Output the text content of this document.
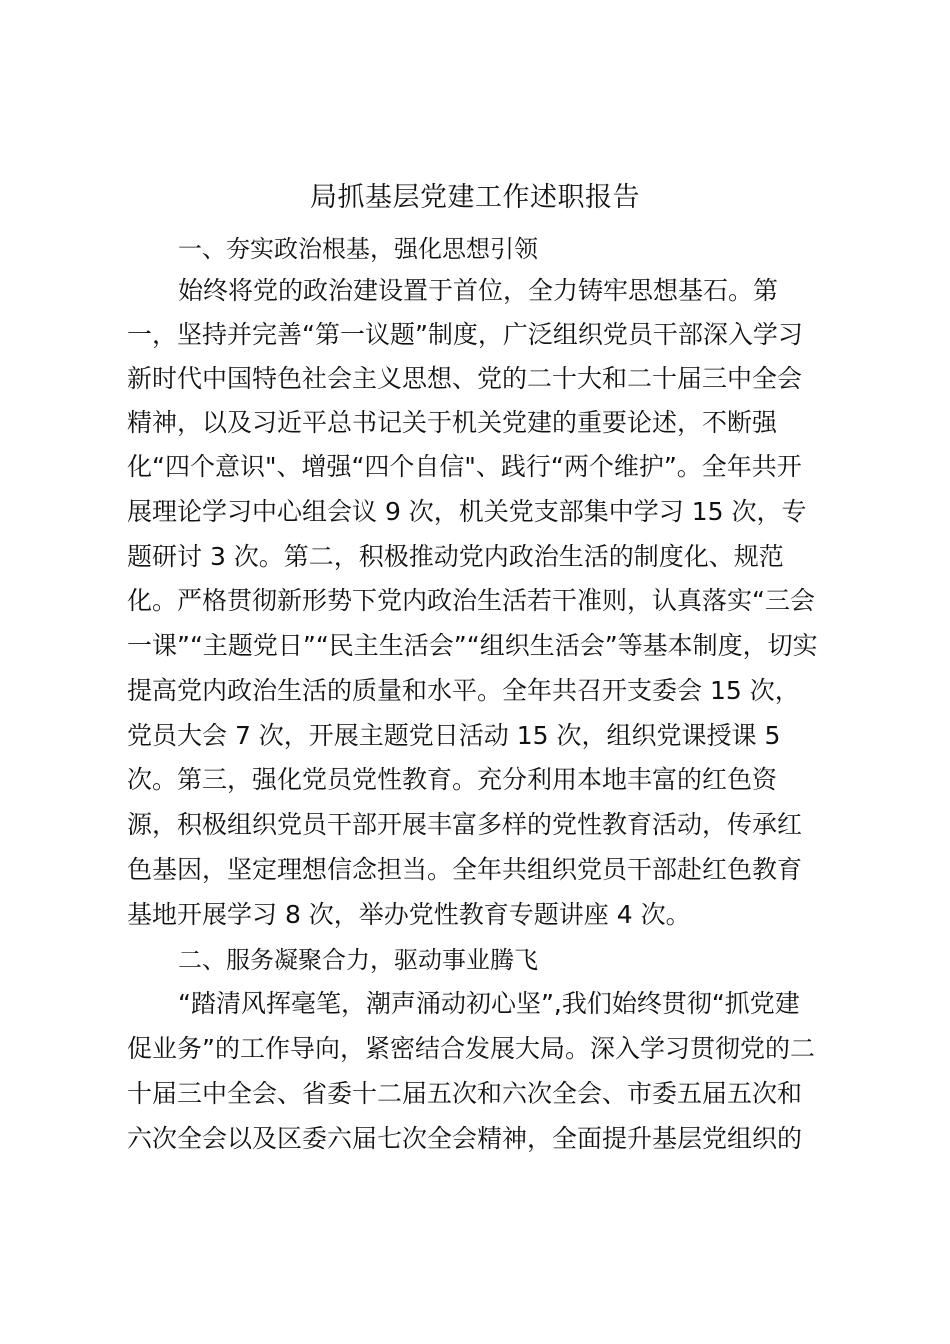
局抓基层党建工作述职报告

一、夯实政治根基，强化思想引领

始终将党的政治建设置于首位，全力铸牢思想基石。第

一，坚持并完善“第一议题”制度，广泛组织党员干部深入学习

新时代中国特色社会主义思想、党的二十大和二十届三中全会

精神，以及习近平总书记关于机关党建的重要论述，不断强

化“四个意识"、增强“四个自信"、践行“两个维护”。全年共开

展理论学习中心组会议 9 次，机关党支部集中学习 15 次，专

题研讨 3 次。第二，积极推动党内政治生活的制度化、规范

化。严格贯彻新形势下党内政治生活若干准则，认真落实“三会

一课”“主题党日”“民主生活会”“组织生活会”等基本制度，切实

提高党内政治生活的质量和水平。全年共召开支委会 15 次，

党员大会 7 次，开展主题党日活动 15 次，组织党课授课 5

次。第三，强化党员党性教育。充分利用本地丰富的红色资

源，积极组织党员干部开展丰富多样的党性教育活动，传承红

色基因，坚定理想信念担当。全年共组织党员干部赴红色教育

基地开展学习 8 次，举办党性教育专题讲座 4 次。

二、服务凝聚合力，驱动事业腾飞

“踏清风挥毫笔，潮声涌动初心坚”,我们始终贯彻“抓党建

促业务”的工作导向，紧密结合发展大局。深入学习贯彻党的二

十届三中全会、省委十二届五次和六次全会、市委五届五次和

六次全会以及区委六届七次全会精神，全面提升基层党组织的
